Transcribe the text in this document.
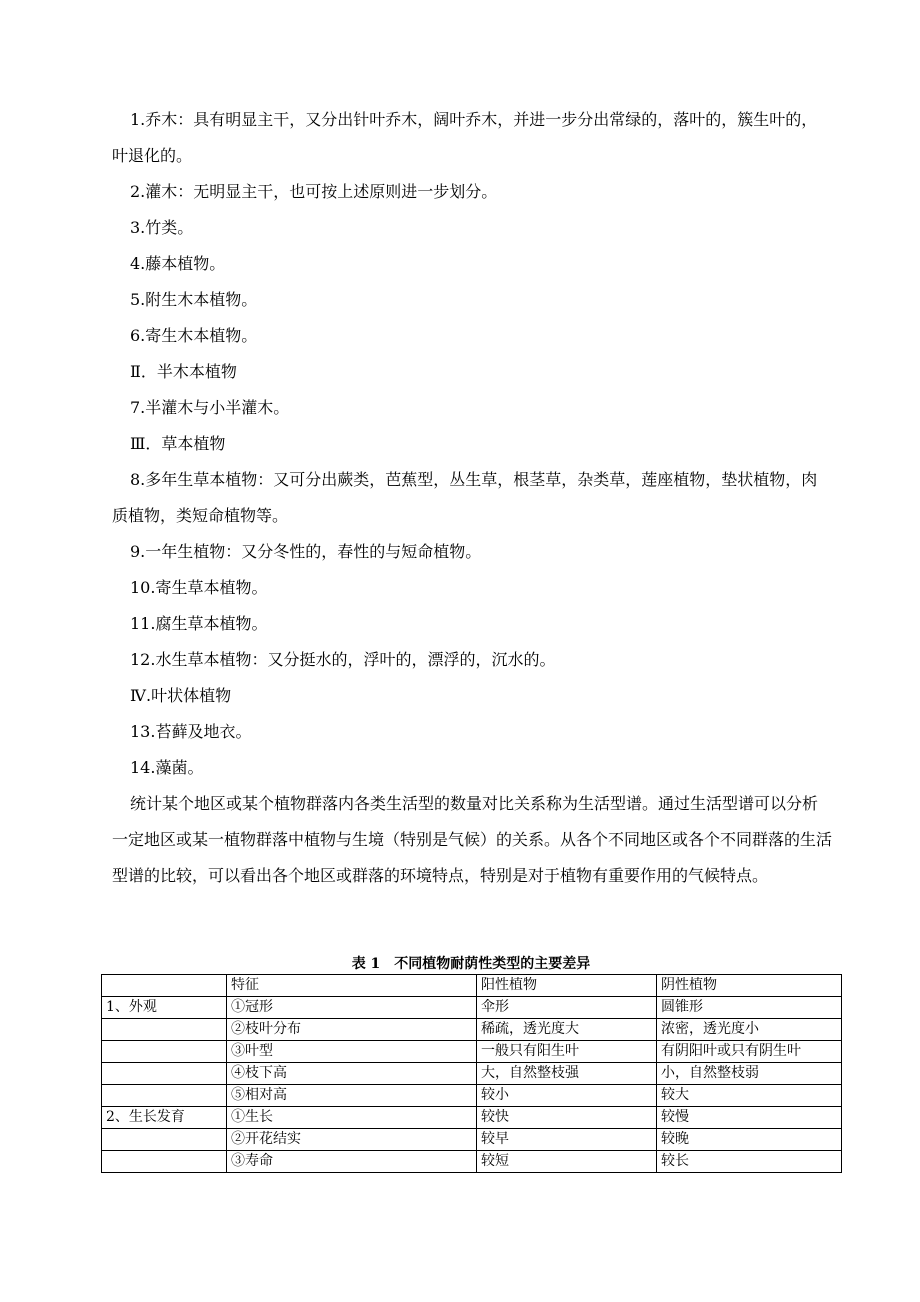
1.乔木：具有明显主干，又分出针叶乔木，阔叶乔木，并进一步分出常绿的，落叶的，簇生叶的，叶退化的。

2.灌木：无明显主干，也可按上述原则进一步划分。

3.竹类。

4.藤本植物。

5.附生木本植物。

6.寄生木本植物。

Ⅱ．半木本植物

7.半灌木与小半灌木。

Ⅲ．草本植物

8.多年生草本植物：又可分出蕨类，芭蕉型，丛生草，根茎草，杂类草，莲座植物，垫状植物，肉质植物，类短命植物等。

9.一年生植物：又分冬性的，春性的与短命植物。

10.寄生草本植物。

11.腐生草本植物。

12.水生草本植物：又分挺水的，浮叶的，漂浮的，沉水的。

Ⅳ.叶状体植物

13.苔藓及地衣。

14.藻菌。

统计某个地区或某个植物群落内各类生活型的数量对比关系称为生活型谱。通过生活型谱可以分析一定地区或某一植物群落中植物与生境（特别是气候）的关系。从各个不同地区或各个不同群落的生活型谱的比较，可以看出各个地区或群落的环境特点，特别是对于植物有重要作用的气候特点。

表 1　不同植物耐荫性类型的主要差异
	特征	阳性植物	阴性植物
1、外观	①冠形	伞形	圆锥形
	②枝叶分布	稀疏，透光度大	浓密，透光度小
	③叶型	一般只有阳生叶	有阴阳叶或只有阴生叶
	④枝下高	大，自然整枝强	小，自然整枝弱
	⑤相对高	较小	较大
2、生长发育	①生长	较快	较慢
	②开花结实	较早	较晚
	③寿命	较短	较长
